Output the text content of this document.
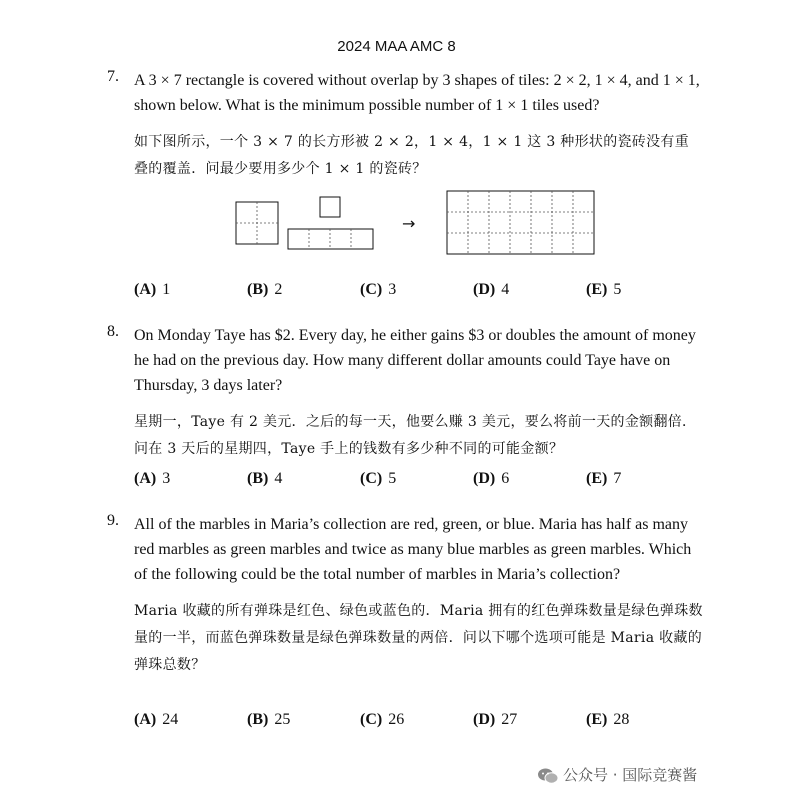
2024 MAA AMC 8
7. A 3 × 7 rectangle is covered without overlap by 3 shapes of tiles: 2 × 2, 1 × 4, and 1 × 1, shown below. What is the minimum possible number of 1 × 1 tiles used?
如下图所示，一个 3 × 7 的长方形被 2 × 2，1 × 4，1 × 1 这 3 种形状的瓷砖没有重叠的覆盖．问最少要用多少个 1 × 1 的瓷砖？
→
(A) 1	(B) 2	(C) 3	(D) 4	(E) 5
8. On Monday Taye has $2. Every day, he either gains $3 or doubles the amount of money he had on the previous day. How many different dollar amounts could Taye have on Thursday, 3 days later?
星期一，Taye 有 2 美元．之后的每一天，他要么赚 3 美元，要么将前一天的金额翻倍．问在 3 天后的星期四，Taye 手上的钱数有多少种不同的可能金额？
(A) 3	(B) 4	(C) 5	(D) 6	(E) 7
9. All of the marbles in Maria’s collection are red, green, or blue. Maria has half as many red marbles as green marbles and twice as many blue marbles as green marbles. Which of the following could be the total number of marbles in Maria’s collection?
Maria 收藏的所有弹珠是红色、绿色或蓝色的．Maria 拥有的红色弹珠数量是绿色弹珠数量的一半，而蓝色弹珠数量是绿色弹珠数量的两倍．问以下哪个选项可能是 Maria 收藏的弹珠总数？
(A) 24	(B) 25	(C) 26	(D) 27	(E) 28
公众号 · 国际竞赛酱
